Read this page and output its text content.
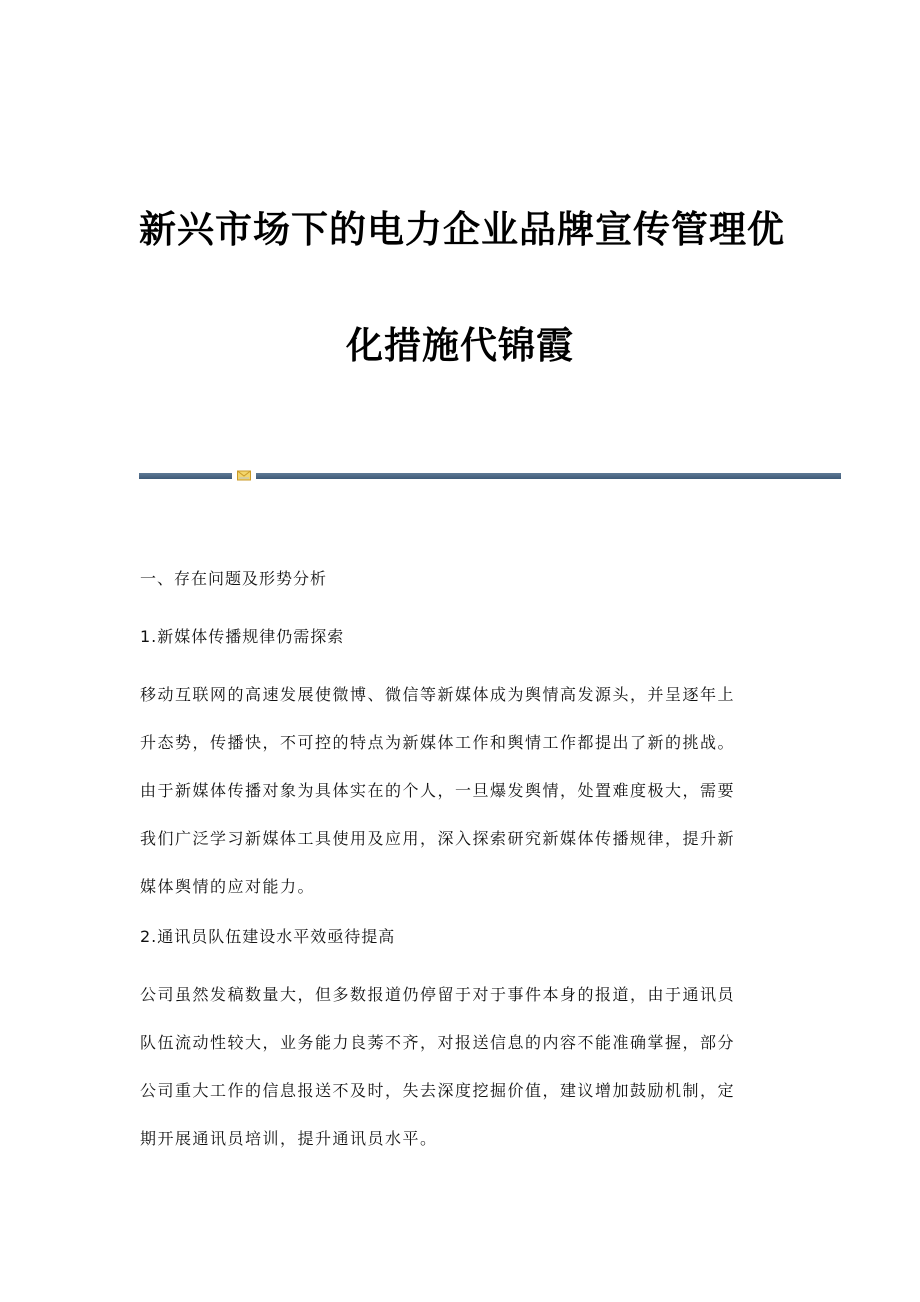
新兴市场下的电力企业品牌宣传管理优
化措施代锦霞

一、存在问题及形势分析

1.新媒体传播规律仍需探索

移动互联网的高速发展使微博、微信等新媒体成为舆情高发源头，并呈逐年上
升态势，传播快，不可控的特点为新媒体工作和舆情工作都提出了新的挑战。
由于新媒体传播对象为具体实在的个人，一旦爆发舆情，处置难度极大，需要
我们广泛学习新媒体工具使用及应用，深入探索研究新媒体传播规律，提升新
媒体舆情的应对能力。

2.通讯员队伍建设水平效亟待提高

公司虽然发稿数量大，但多数报道仍停留于对于事件本身的报道，由于通讯员
队伍流动性较大，业务能力良莠不齐，对报送信息的内容不能准确掌握，部分
公司重大工作的信息报送不及时，失去深度挖掘价值，建议增加鼓励机制，定
期开展通讯员培训，提升通讯员水平。
